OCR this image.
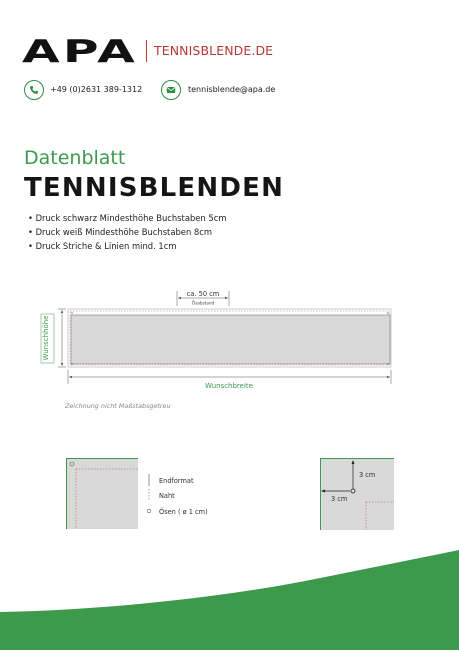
APA TENNISBLENDE.DE
+49 (0)2631 389-1312	tennisblende@apa.de
Datenblatt
TENNISBLENDEN
• Druck schwarz Mindesthöhe Buchstaben 5cm
• Druck weiß Mindesthöhe Buchstaben 8cm
• Druck Striche & Linien mind. 1cm
ca. 50 cm
Ösabstand
Wunschhöhe
Wunschbreite
Zeichnung nicht Maßstabsgetreu
Endformat
Naht
Ösen ( ø 1 cm)
3 cm
3 cm
